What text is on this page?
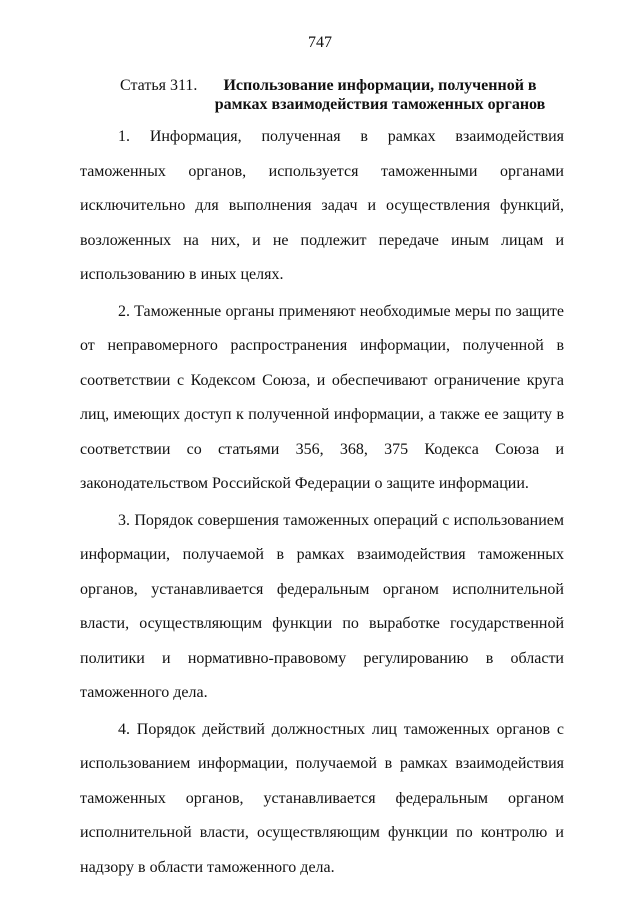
747
Статья 311.	Использование информации, полученной в рамках взаимодействия таможенных органов

1. Информация, полученная в рамках взаимодействия таможенных органов, используется таможенными органами исключительно для выполнения задач и осуществления функций, возложенных на них, и не подлежит передаче иным лицам и использованию в иных целях.

2. Таможенные органы применяют необходимые меры по защите от неправомерного распространения информации, полученной в соответствии с Кодексом Союза, и обеспечивают ограничение круга лиц, имеющих доступ к полученной информации, а также ее защиту в соответствии со статьями 356, 368, 375 Кодекса Союза и законодательством Российской Федерации о защите информации.

3. Порядок совершения таможенных операций с использованием информации, получаемой в рамках взаимодействия таможенных органов, устанавливается федеральным органом исполнительной власти, осуществляющим функции по выработке государственной политики и нормативно-правовому регулированию в области таможенного дела.

4. Порядок действий должностных лиц таможенных органов с использованием информации, получаемой в рамках взаимодействия таможенных органов, устанавливается федеральным органом исполнительной власти, осуществляющим функции по контролю и надзору в области таможенного дела.
